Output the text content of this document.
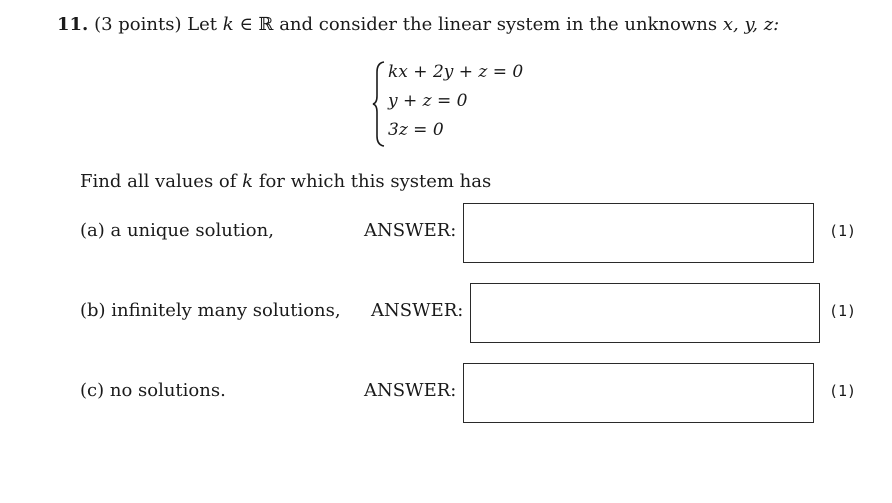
11. (3 points) Let k ∈ ℝ and consider the linear system in the unknowns x, y, z:
kx + 2y + z = 0
y + z = 0
3z = 0
Find all values of k for which this system has
(a) a unique solution,	ANSWER:	(1)
(b) infinitely many solutions, ANSWER:	(1)
(c) no solutions.	ANSWER:	(1)
